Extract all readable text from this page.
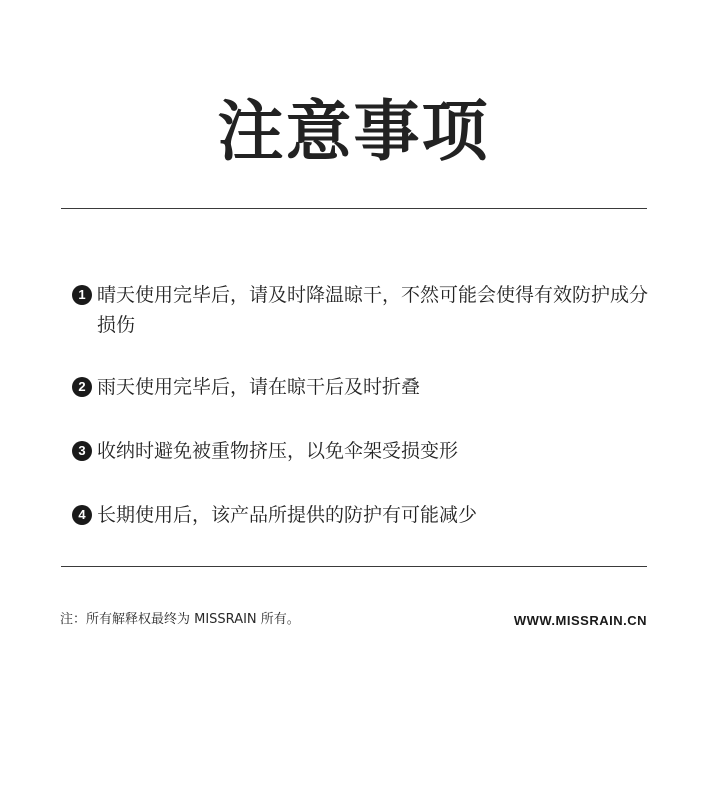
注意事项
1 晴天使用完毕后，请及时降温晾干，不然可能会使得有效防护成分损伤
2 雨天使用完毕后，请在晾干后及时折叠
3 收纳时避免被重物挤压，以免伞架受损变形
4 长期使用后，该产品所提供的防护有可能减少
注：所有解释权最终为 MISSRAIN 所有。	WWW.MISSRAIN.CN
